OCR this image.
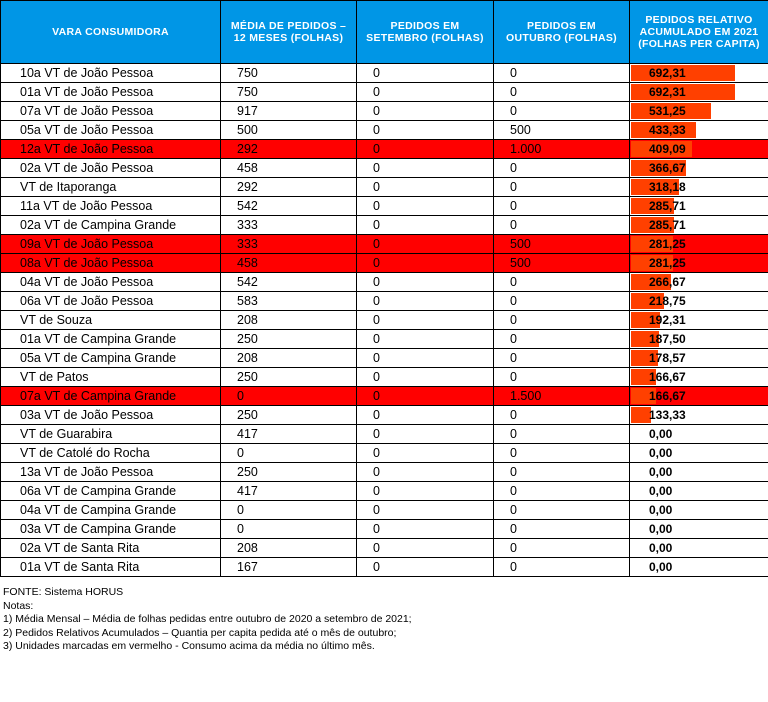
VARA CONSUMIDORA	MÉDIA DE PEDIDOS – 12 MESES (FOLHAS)	PEDIDOS EM SETEMBRO (FOLHAS)	PEDIDOS EM OUTUBRO (FOLHAS)	PEDIDOS RELATIVO ACUMULADO EM 2021 (FOLHAS PER CAPITA)
10a VT de João Pessoa	750	0	0	692,31

01a VT de João Pessoa	750	0	0	692,31

07a VT de João Pessoa	917	0	0	531,25

05a VT de João Pessoa	500	0	500	433,33

12a VT de João Pessoa	292	0	1.000	409,09

02a VT de João Pessoa	458	0	0	366,67

VT de Itaporanga	292	0	0	318,18

11a VT de João Pessoa	542	0	0	285,71

02a VT de Campina Grande	333	0	0	285,71

09a VT de João Pessoa	333	0	500	281,25

08a VT de João Pessoa	458	0	500	281,25

04a VT de João Pessoa	542	0	0	266,67

06a VT de João Pessoa	583	0	0	218,75

VT de Souza	208	0	0	192,31

01a VT de Campina Grande	250	0	0	187,50

05a VT de Campina Grande	208	0	0	178,57

VT de Patos	250	0	0	166,67

07a VT de Campina Grande	0	0	1.500	166,67

03a VT de João Pessoa	250	0	0	133,33

VT de Guarabira	417	0	0	0,00

VT de Catolé do Rocha	0	0	0	0,00

13a VT de João Pessoa	250	0	0	0,00

06a VT de Campina Grande	417	0	0	0,00

04a VT de Campina Grande	0	0	0	0,00

03a VT de Campina Grande	0	0	0	0,00

02a VT de Santa Rita	208	0	0	0,00

01a VT de Santa Rita	167	0	0	0,00
FONTE: Sistema HORUS
Notas:
1) Média Mensal – Média de folhas pedidas entre outubro de 2020 a setembro de 2021;
2) Pedidos Relativos Acumulados – Quantia per capita pedida até o mês de outubro;
3) Unidades marcadas em vermelho - Consumo acima da média no último mês.
